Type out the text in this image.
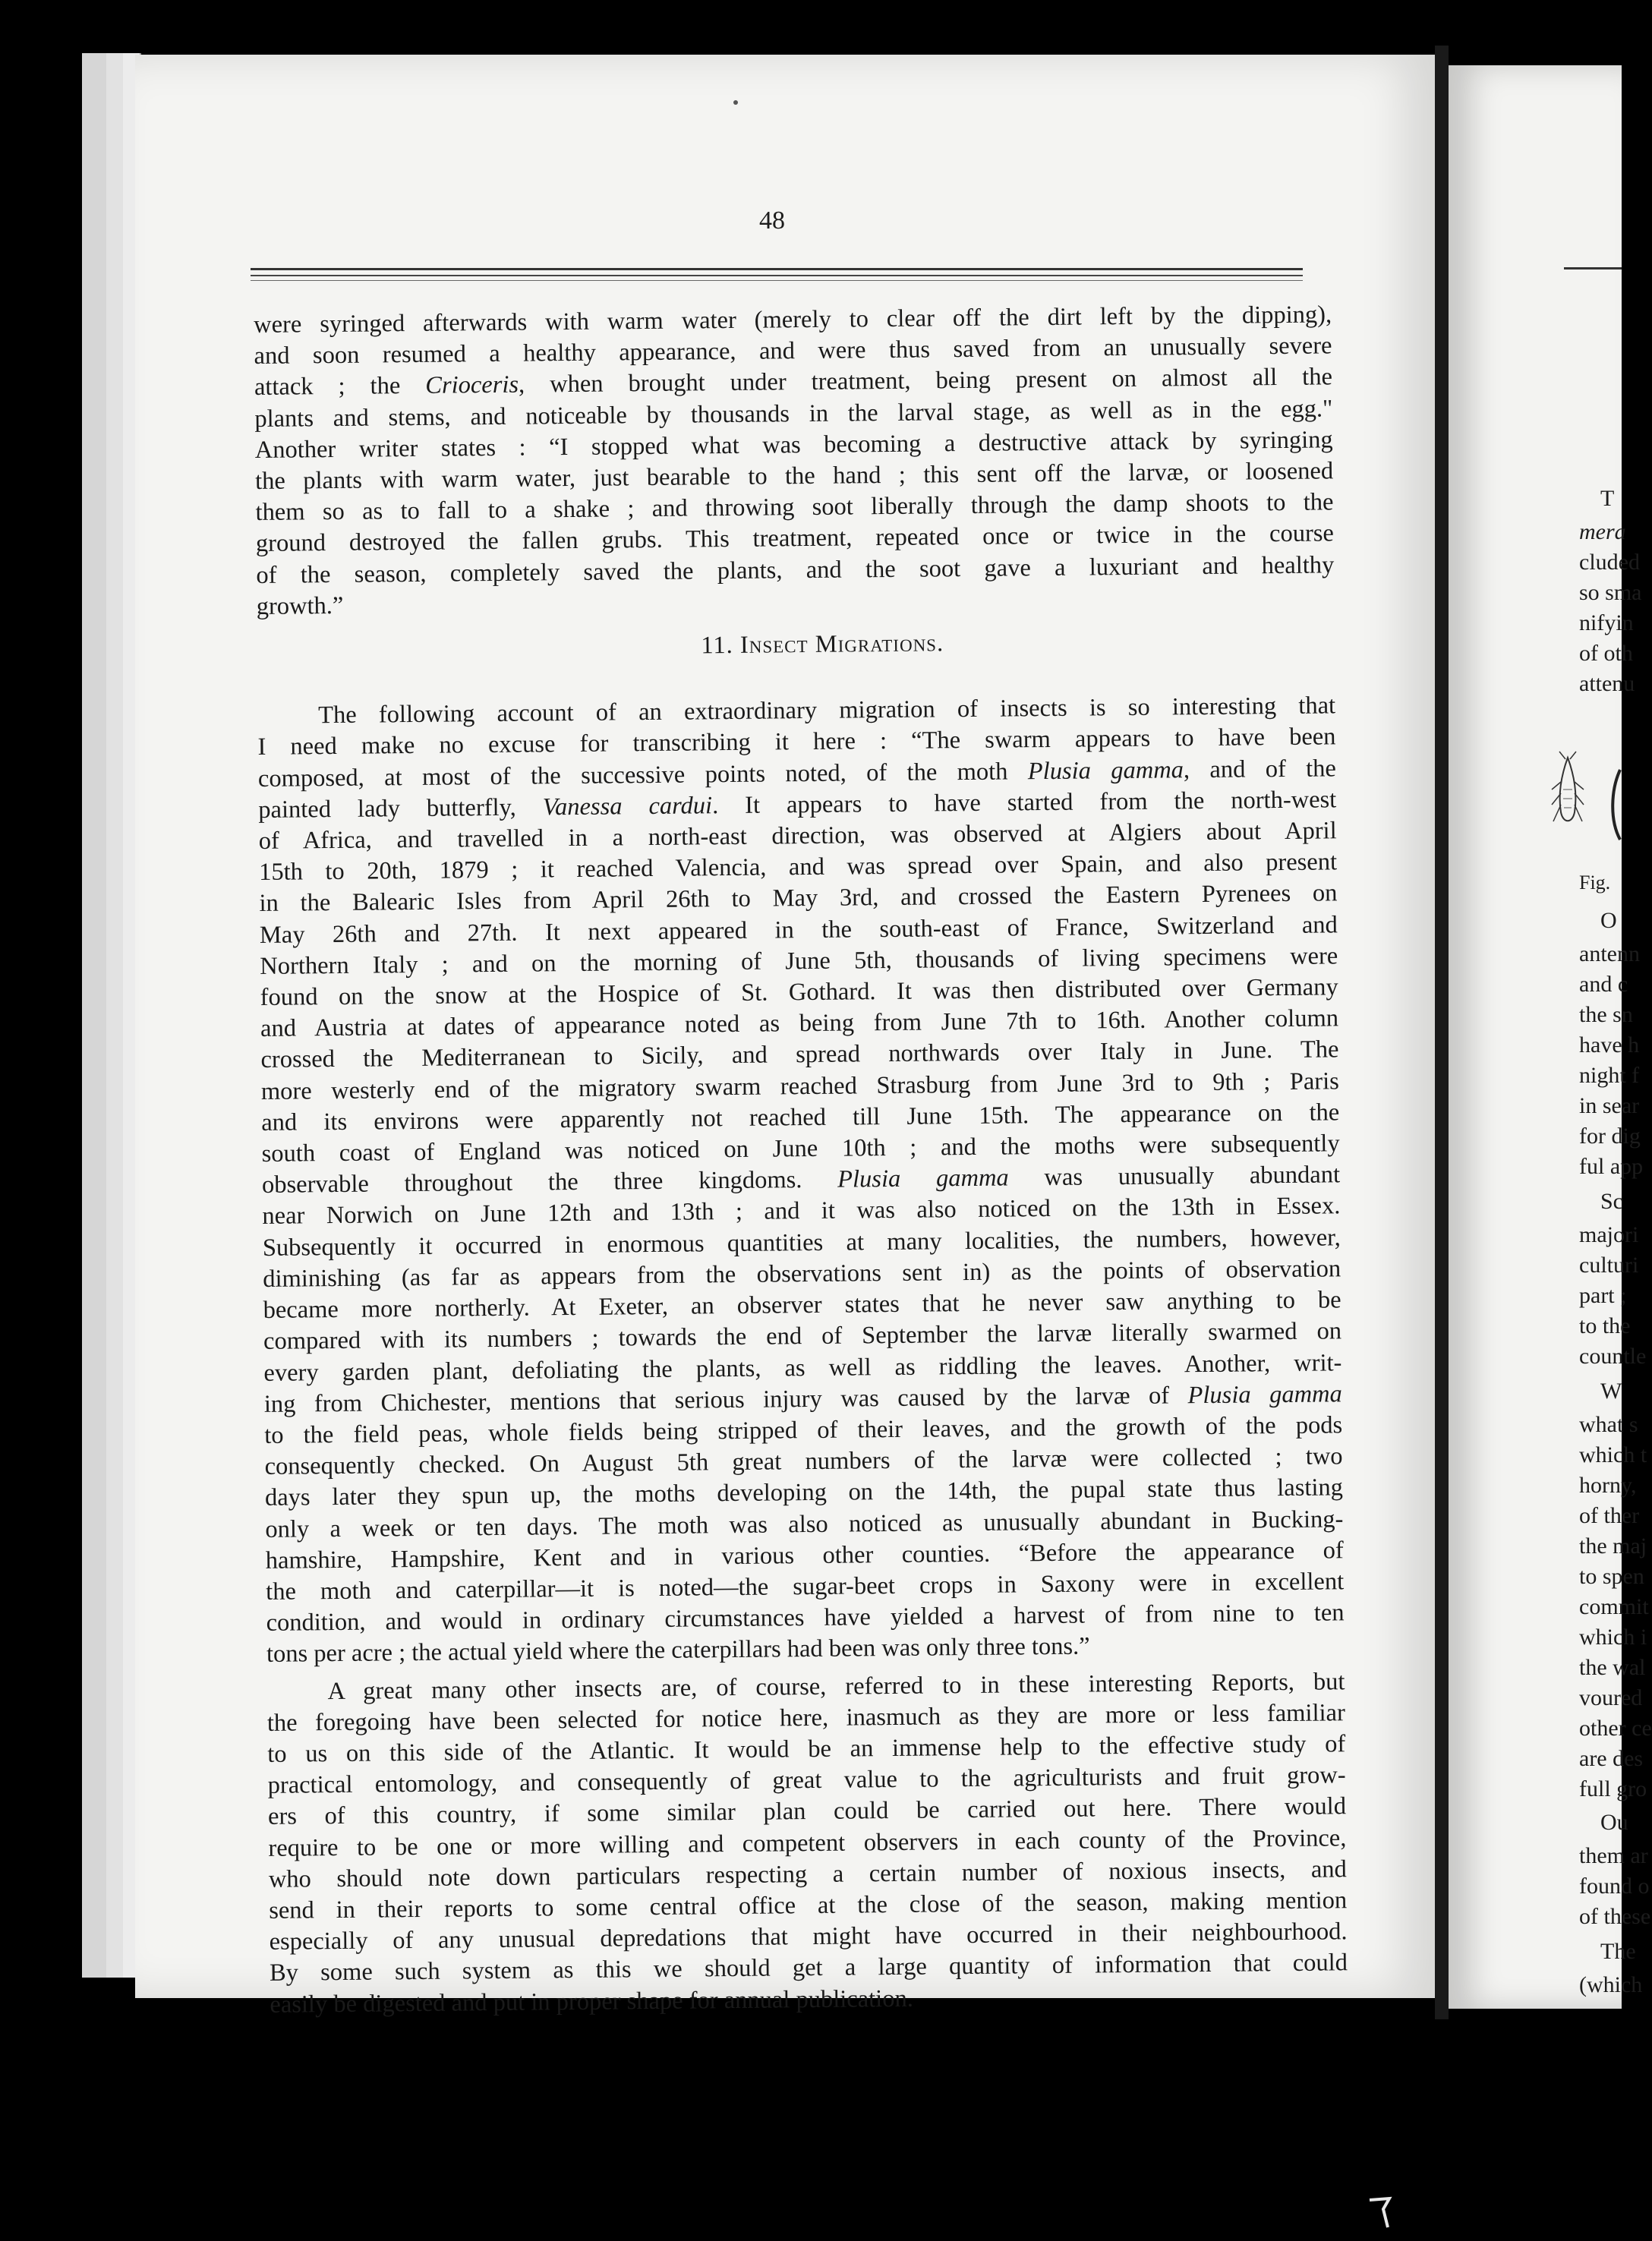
48
were syringed afterwards with warm water (merely to clear off the dirt left by the dipping),
and soon resumed a healthy appearance, and were thus saved from an unusually severe
attack ; the Crioceris, when brought under treatment, being present on almost all the
plants and stems, and noticeable by thousands in the larval stage, as well as in the egg."
Another writer states : “I stopped what was becoming a destructive attack by syringing
the plants with warm water, just bearable to the hand ; this sent off the larvæ, or loosened
them so as to fall to a shake ; and throwing soot liberally through the damp shoots to the
ground destroyed the fallen grubs. This treatment, repeated once or twice in the course
of the season, completely saved the plants, and the soot gave a luxuriant and healthy
growth.”
11. Insect Migrations.
The following account of an extraordinary migration of insects is so interesting that
I need make no excuse for transcribing it here : “The swarm appears to have been
composed, at most of the successive points noted, of the moth Plusia gamma, and of the
painted lady butterfly, Vanessa cardui. It appears to have started from the north-west
of Africa, and travelled in a north-east direction, was observed at Algiers about April
15th to 20th, 1879 ; it reached Valencia, and was spread over Spain, and also present
in the Balearic Isles from April 26th to May 3rd, and crossed the Eastern Pyrenees on
May 26th and 27th. It next appeared in the south-east of France, Switzerland and
Northern Italy ; and on the morning of June 5th, thousands of living specimens were
found on the snow at the Hospice of St. Gothard. It was then distributed over Germany
and Austria at dates of appearance noted as being from June 7th to 16th. Another column
crossed the Mediterranean to Sicily, and spread northwards over Italy in June. The
more westerly end of the migratory swarm reached Strasburg from June 3rd to 9th ; Paris
and its environs were apparently not reached till June 15th. The appearance on the
south coast of England was noticed on June 10th ; and the moths were subsequently
observable throughout the three kingdoms. Plusia gamma was unusually abundant
near Norwich on June 12th and 13th ; and it was also noticed on the 13th in Essex.
Subsequently it occurred in enormous quantities at many localities, the numbers, however,
diminishing (as far as appears from the observations sent in) as the points of observation
became more northerly. At Exeter, an observer states that he never saw anything to be
compared with its numbers ; towards the end of September the larvæ literally swarmed on
every garden plant, defoliating the plants, as well as riddling the leaves. Another, writ-
ing from Chichester, mentions that serious injury was caused by the larvæ of Plusia gamma
to the field peas, whole fields being stripped of their leaves, and the growth of the pods
consequently checked. On August 5th great numbers of the larvæ were collected ; two
days later they spun up, the moths developing on the 14th, the pupal state thus lasting
only a week or ten days. The moth was also noticed as unusually abundant in Bucking-
hamshire, Hampshire, Kent and in various other counties. “Before the appearance of
the moth and caterpillar—it is noted—the sugar-beet crops in Saxony were in excellent
condition, and would in ordinary circumstances have yielded a harvest of from nine to ten
tons per acre ; the actual yield where the caterpillars had been was only three tons.”
A great many other insects are, of course, referred to in these interesting Reports, but
the foregoing have been selected for notice here, inasmuch as they are more or less familiar
to us on this side of the Atlantic. It would be an immense help to the effective study of
practical entomology, and consequently of great value to the agriculturists and fruit grow-
ers of this country, if some similar plan could be carried out here. There would
require to be one or more willing and competent observers in each county of the Province,
who should note down particulars respecting a certain number of noxious insects, and
send in their reports to some central office at the close of the season, making mention
especially of any unusual depredations that might have occurred in their neighbourhood.
By some such system as this we should get a large quantity of information that could
easily be digested and put in proper shape for annual publication.
T
mera
cluded
so sma
nifyin
of oth
attenu
Fig.
O
antenn
and c
the sn
have h
night f
in sear
for dig
ful app
Sc
majori
culturi
part ;
to the
countle
W
what s
which t
horny,
of ther
the maj
to spen
commit
which i
the wal
voured
other ce
are des
full gro
Ou
them ar
found o
of these
The
(which
